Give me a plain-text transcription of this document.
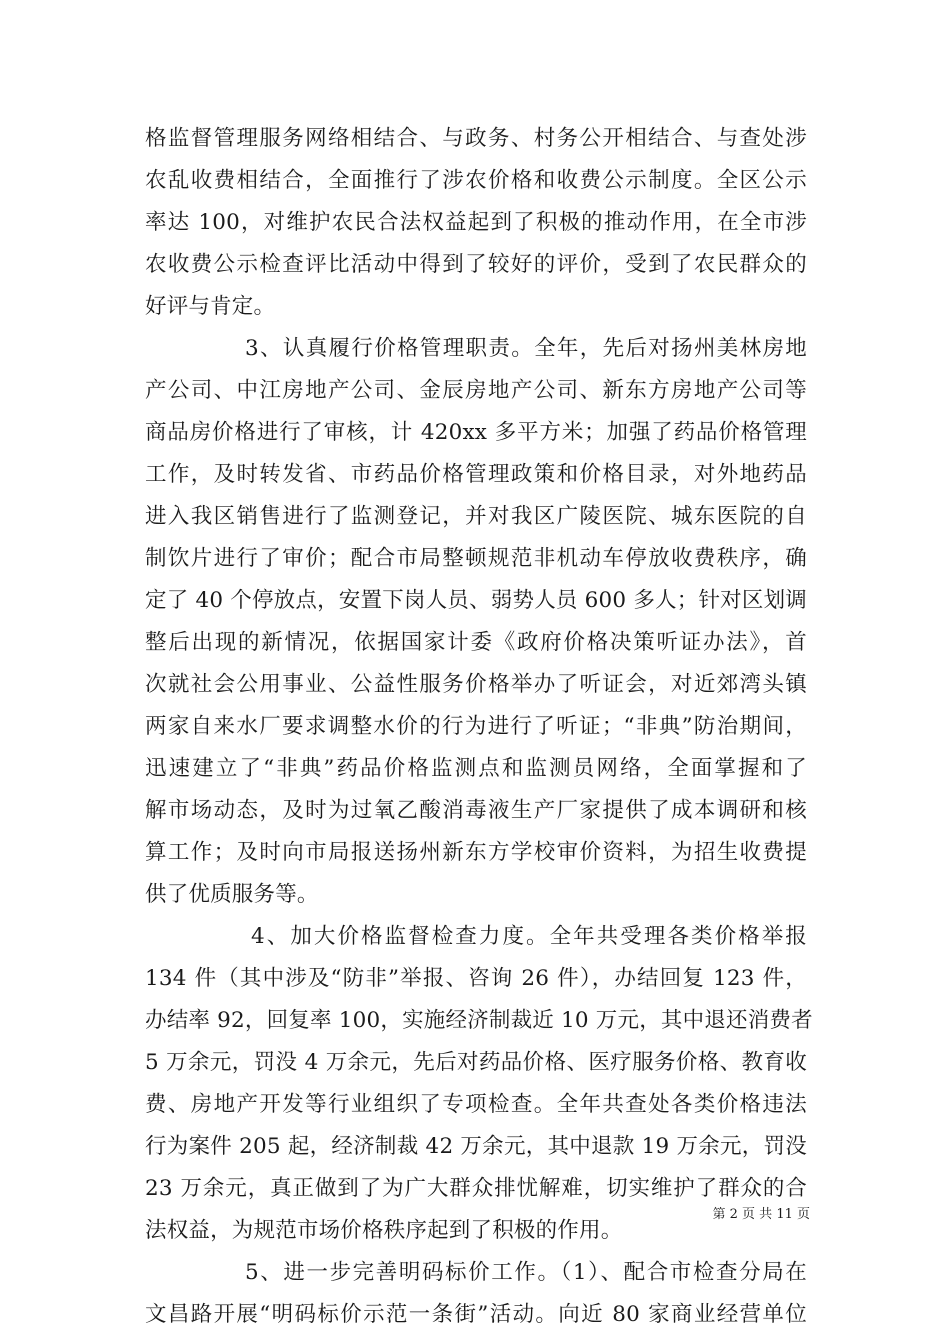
格监督管理服务网络相结合、与政务、村务公开相结合、与查处涉
农乱收费相结合，全面推行了涉农价格和收费公示制度。全区公示
率达 100，对维护农民合法权益起到了积极的推动作用，在全市涉
农收费公示检查评比活动中得到了较好的评价，受到了农民群众的
好评与肯定。
3、认真履行价格管理职责。全年，先后对扬州美林房地
产公司、中江房地产公司、金辰房地产公司、新东方房地产公司等
商品房价格进行了审核，计 420xx 多平方米；加强了药品价格管理
工作，及时转发省、市药品价格管理政策和价格目录，对外地药品
进入我区销售进行了监测登记，并对我区广陵医院、城东医院的自
制饮片进行了审价；配合市局整顿规范非机动车停放收费秩序，确
定了 40 个停放点，安置下岗人员、弱势人员 600 多人；针对区划调
整后出现的新情况，依据国家计委《政府价格决策听证办法》，首
次就社会公用事业、公益性服务价格举办了听证会，对近郊湾头镇
两家自来水厂要求调整水价的行为进行了听证；“非典”防治期间，
迅速建立了“非典”药品价格监测点和监测员网络，全面掌握和了
解市场动态，及时为过氧乙酸消毒液生产厂家提供了成本调研和核
算工作；及时向市局报送扬州新东方学校审价资料，为招生收费提
供了优质服务等。
4、加大价格监督检查力度。全年共受理各类价格举报
134 件（其中涉及“防非”举报、咨询 26 件），办结回复 123 件，
办结率 92，回复率 100，实施经济制裁近 10 万元，其中退还消费者
5 万余元，罚没 4 万余元，先后对药品价格、医疗服务价格、教育收
费、房地产开发等行业组织了专项检查。全年共查处各类价格违法
行为案件 205 起，经济制裁 42 万余元，其中退款 19 万余元，罚没
23 万余元，真正做到了为广大群众排忧解难，切实维护了群众的合
法权益，为规范市场价格秩序起到了积极的作用。
5、进一步完善明码标价工作。（1）、配合市检查分局在
文昌路开展“明码标价示范一条街”活动。向近 80 家商业经营单位
第 2 页 共 11 页
